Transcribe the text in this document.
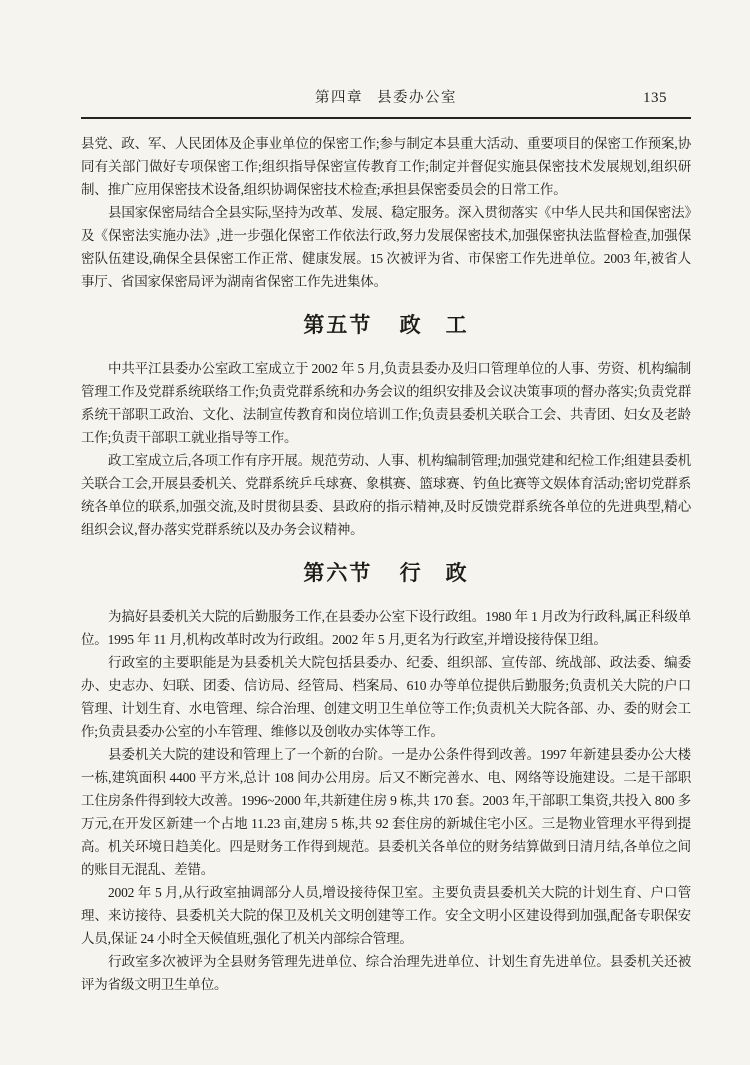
第四章 县委办公室	135

县党、政、军、人民团体及企事业单位的保密工作;参与制定本县重大活动、重要项目的保密工作预案,协同有关部门做好专项保密工作;组织指导保密宣传教育工作;制定并督促实施县保密技术发展规划,组织研制、推广应用保密技术设备,组织协调保密技术检查;承担县保密委员会的日常工作。

县国家保密局结合全县实际,坚持为改革、发展、稳定服务。深入贯彻落实《中华人民共和国保密法》及《保密法实施办法》,进一步强化保密工作依法行政,努力发展保密技术,加强保密执法监督检查,加强保密队伍建设,确保全县保密工作正常、健康发展。15 次被评为省、市保密工作先进单位。2003 年,被省人事厅、省国家保密局评为湖南省保密工作先进集体。

第五节 政　工

中共平江县委办公室政工室成立于 2002 年 5 月,负责县委办及归口管理单位的人事、劳资、机构编制管理工作及党群系统联络工作;负责党群系统和办务会议的组织安排及会议决策事项的督办落实;负责党群系统干部职工政治、文化、法制宣传教育和岗位培训工作;负责县委机关联合工会、共青团、妇女及老龄工作;负责干部职工就业指导等工作。

政工室成立后,各项工作有序开展。规范劳动、人事、机构编制管理;加强党建和纪检工作;组建县委机关联合工会,开展县委机关、党群系统乒乓球赛、象棋赛、篮球赛、钓鱼比赛等文娱体育活动;密切党群系统各单位的联系,加强交流,及时贯彻县委、县政府的指示精神,及时反馈党群系统各单位的先进典型,精心组织会议,督办落实党群系统以及办务会议精神。

第六节 行　政

为搞好县委机关大院的后勤服务工作,在县委办公室下设行政组。1980 年 1 月改为行政科,属正科级单位。1995 年 11 月,机构改革时改为行政组。2002 年 5 月,更名为行政室,并增设接待保卫组。

行政室的主要职能是为县委机关大院包括县委办、纪委、组织部、宣传部、统战部、政法委、编委办、史志办、妇联、团委、信访局、经管局、档案局、610 办等单位提供后勤服务;负责机关大院的户口管理、计划生育、水电管理、综合治理、创建文明卫生单位等工作;负责机关大院各部、办、委的财会工作;负责县委办公室的小车管理、维修以及创收办实体等工作。

县委机关大院的建设和管理上了一个新的台阶。一是办公条件得到改善。1997 年新建县委办公大楼一栋,建筑面积 4400 平方米,总计 108 间办公用房。后又不断完善水、电、网络等设施建设。二是干部职工住房条件得到较大改善。1996~2000 年,共新建住房 9 栋,共 170 套。2003 年,干部职工集资,共投入 800 多万元,在开发区新建一个占地 11.23 亩,建房 5 栋,共 92 套住房的新城住宅小区。三是物业管理水平得到提高。机关环境日趋美化。四是财务工作得到规范。县委机关各单位的财务结算做到日清月结,各单位之间的账目无混乱、差错。

2002 年 5 月,从行政室抽调部分人员,增设接待保卫室。主要负责县委机关大院的计划生育、户口管理、来访接待、县委机关大院的保卫及机关文明创建等工作。安全文明小区建设得到加强,配备专职保安人员,保证 24 小时全天候值班,强化了机关内部综合管理。

行政室多次被评为全县财务管理先进单位、综合治理先进单位、计划生育先进单位。县委机关还被评为省级文明卫生单位。
